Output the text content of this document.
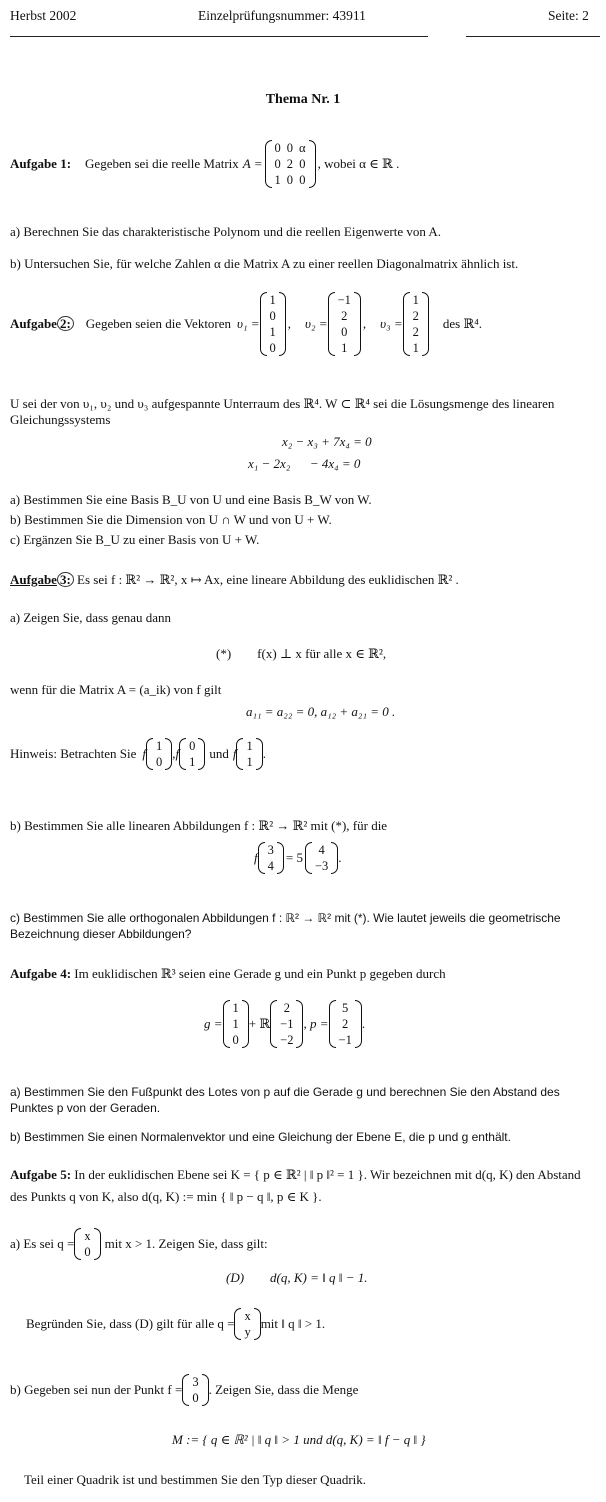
Herbst 2002	Einzelprüfungsnummer: 43911	Seite: 2
Thema Nr. 1
Aufgabe 1: Gegeben sei die reelle Matrix A =
0	0	α
0	2	0
1	0	0
, wobei α ∈ ℝ .
a) Berechnen Sie das charakteristische Polynom und die reellen Eigenwerte von A.
b) Untersuchen Sie, für welche Zahlen α die Matrix A zu einer reellen Diagonalmatrix ähnlich ist.
Aufgabe 2: Gegeben seien die Vektoren υ₁ =
1
0
1
0
, υ₂ =
−1
2
0
1
, υ₃ =
1
2
2
1
des ℝ⁴.
U sei der von υ₁, υ₂ und υ₃ aufgespannte Unterraum des ℝ⁴. W ⊂ ℝ⁴ sei die Lösungsmenge des linearen Gleichungssystems
x₂ − x₃ + 7x₄ = 0
x₁ − 2x₂      − 4x₄ = 0
a) Bestimmen Sie eine Basis B_U von U und eine Basis B_W von W.
b) Bestimmen Sie die Dimension von U ∩ W und von U + W.
c) Ergänzen Sie B_U zu einer Basis von U + W.
Aufgabe 3: Es sei f : ℝ² → ℝ², x ↦ Ax, eine lineare Abbildung des euklidischen ℝ² .
a) Zeigen Sie, dass genau dann
(*)        f(x) ⊥ x für alle x ∈ ℝ²,
wenn für die Matrix A = (a_ik) von f gilt
a₁₁ = a₂₂ = 0, a₁₂ + a₂₁ = 0 .
Hinweis: Betrachten Sie f 1
0
, f 0
1
und f 1
1
.
b) Bestimmen Sie alle linearen Abbildungen f : ℝ² → ℝ² mit (*), für die
f 3
4
= 5 4
−3
.
c) Bestimmen Sie alle orthogonalen Abbildungen f : ℝ² → ℝ² mit (*). Wie lautet jeweils die geometrische Bezeichnung dieser Abbildungen?
Aufgabe 4: Im euklidischen ℝ³ seien eine Gerade g und ein Punkt p gegeben durch
g =
1
1
0
+ ℝ
2
−1
−2
, p =
5
2
−1
.
a) Bestimmen Sie den Fußpunkt des Lotes von p auf die Gerade g und berechnen Sie den Abstand des Punktes p von der Geraden.
b) Bestimmen Sie einen Normalenvektor und eine Gleichung der Ebene E, die p und g enthält.
Aufgabe 5: In der euklidischen Ebene sei K = { p ∈ ℝ² | ‖ p ‖² = 1 }. Wir bezeichnen mit d(q, K) den Abstand des Punkts q von K, also d(q, K) := min { ‖ p − q ‖, p ∈ K }.
a) Es sei q = x
0
mit x > 1. Zeigen Sie, dass gilt:
(D)        d(q, K) = ‖ q ‖ − 1.
Begründen Sie, dass (D) gilt für alle q = x
y
mit ‖ q ‖ > 1.
b) Gegeben sei nun der Punkt f = 3
0
. Zeigen Sie, dass die Menge
M := { q ∈ ℝ² | ‖ q ‖ > 1 und d(q, K) = ‖ f − q ‖ }
Teil einer Quadrik ist und bestimmen Sie den Typ dieser Quadrik.
